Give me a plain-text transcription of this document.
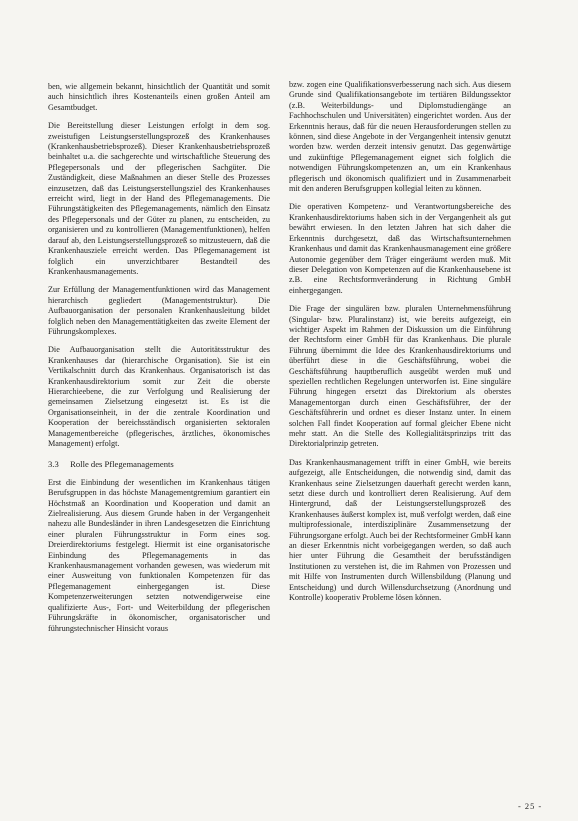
ben, wie allgemein bekannt, hinsichtlich der Quantität und somit auch hinsichtlich ihres Kostenanteils einen großen Anteil am Gesamtbudget.

Die Bereitstellung dieser Leistungen erfolgt in dem sog. zweistufigen Leistungserstellungsprozeß des Krankenhauses (Krankenhausbetriebsprozeß). Dieser Krankenhausbetriebsprozeß beinhaltet u.a. die sachgerechte und wirtschaftliche Steuerung des Pflegepersonals und der pflegerischen Sachgüter. Die Zuständigkeit, diese Maßnahmen an dieser Stelle des Prozesses einzusetzen, daß das Leistungserstellungsziel des Krankenhauses erreicht wird, liegt in der Hand des Pflegemanagements. Die Führungstätigkeiten des Pflegemanagements, nämlich den Einsatz des Pflegepersonals und der Güter zu planen, zu entscheiden, zu organisieren und zu kontrollieren (Managementfunktionen), helfen darauf ab, den Leistungserstellungsprozeß so mitzusteuern, daß die Krankenhausziele erreicht werden. Das Pflegemanagement ist folglich ein unverzichtbarer Bestandteil des Krankenhausmanagements.

Zur Erfüllung der Managementfunktionen wird das Management hierarchisch gegliedert (Managementstruktur). Die Aufbauorganisation der personalen Krankenhausleitung bildet folglich neben den Managementtätigkeiten das zweite Element der Führungskomplexes.

Die Aufbauorganisation stellt die Autoritätsstruktur des Krankenhauses dar (hierarchische Organisation). Sie ist ein Vertikalschnitt durch das Krankenhaus. Organisatorisch ist das Krankenhausdirektorium somit zur Zeit die oberste Hierarchieebene, die zur Verfolgung und Realisierung der gemeinsamen Zielsetzung eingesetzt ist. Es ist die Organisationseinheit, in der die zentrale Koordination und Kooperation der bereichsständisch organisierten sektoralen Managementbereiche (pflegerisches, ärztliches, ökonomisches Management) erfolgt.

3.3 Rolle des Pflegemanagements

Erst die Einbindung der wesentlichen im Krankenhaus tätigen Berufsgruppen in das höchste Managementgremium garantiert ein Höchstmaß an Koordination und Kooperation und damit an Zielrealisierung. Aus diesem Grunde haben in der Vergangenheit nahezu alle Bundesländer in ihren Landesgesetzen die Einrichtung einer pluralen Führungsstruktur in Form eines sog. Dreierdirektoriums festgelegt. Hiermit ist eine organisatorische Einbindung des Pflegemanagements in das Krankenhausmanagement vorhanden gewesen, was wiederum mit einer Ausweitung von funktionalen Kompetenzen für das Pflegemanagement einhergegangen ist. Diese Kompetenzerweiterungen setzten notwendigerweise eine qualifizierte Aus-, Fort- und Weiterbildung der pflegerischen Führungskräfte in ökonomischer, organisatorischer und führungstechnischer Hinsicht voraus

bzw. zogen eine Qualifikationsverbesserung nach sich. Aus diesem Grunde sind Qualifikationsangebote im tertiären Bildungssektor (z.B. Weiterbildungs- und Diplomstudiengänge an Fachhochschulen und Universitäten) eingerichtet worden. Aus der Erkenntnis heraus, daß für die neuen Herausforderungen stellen zu können, sind diese Angebote in der Vergangenheit intensiv genutzt worden bzw. werden derzeit intensiv genutzt. Das gegenwärtige und zukünftige Pflegemanagement eignet sich folglich die notwendigen Führungskompetenzen an, um ein Krankenhaus pflegerisch und ökonomisch qualifiziert und in Zusammenarbeit mit den anderen Berufsgruppen kollegial leiten zu können.

Die operativen Kompetenz- und Verantwortungsbereiche des Krankenhausdirektoriums haben sich in der Vergangenheit als gut bewährt erwiesen. In den letzten Jahren hat sich daher die Erkenntnis durchgesetzt, daß das Wirtschaftsunternehmen Krankenhaus und damit das Krankenhausmanagement eine größere Autonomie gegenüber dem Träger eingeräumt werden muß. Mit dieser Delegation von Kompetenzen auf die Krankenhausebene ist z.B. eine Rechtsformveränderung in Richtung GmbH einhergegangen.

Die Frage der singulären bzw. pluralen Unternehmensführung (Singular- bzw. Pluralinstanz) ist, wie bereits aufgezeigt, ein wichtiger Aspekt im Rahmen der Diskussion um die Einführung der Rechtsform einer GmbH für das Krankenhaus. Die plurale Führung übernimmt die Idee des Krankenhausdirektoriums und überführt diese in die Geschäftsführung, wobei die Geschäftsführung hauptberuflich ausgeübt werden muß und speziellen rechtlichen Regelungen unterworfen ist. Eine singuläre Führung hingegen ersetzt das Direktorium als oberstes Managementorgan durch einen Geschäftsführer, der der Geschäftsführerin und ordnet es dieser Instanz unter. In einem solchen Fall findet Kooperation auf formal gleicher Ebene nicht mehr statt. An die Stelle des Kollegialitätsprinzips tritt das Direktorialprinzip getreten.

Das Krankenhausmanagement trifft in einer GmbH, wie bereits aufgezeigt, alle Entscheidungen, die notwendig sind, damit das Krankenhaus seine Zielsetzungen dauerhaft gerecht werden kann, setzt diese durch und kontrolliert deren Realisierung. Auf dem Hintergrund, daß der Leistungserstellungsprozeß des Krankenhauses äußerst komplex ist, muß verfolgt werden, daß eine multiprofessionale, interdisziplinäre Zusammensetzung der Führungsorgane erfolgt. Auch bei der Rechtsformeiner GmbH kann an dieser Erkenntnis nicht vorbeigegangen werden, so daß auch hier unter Führung die Gesamtheit der berufsständigen Institutionen zu verstehen ist, die im Rahmen von Prozessen und mit Hilfe von Instrumenten durch Willensbildung (Planung und Entscheidung) und durch Willensdurchsetzung (Anordnung und Kontrolle) kooperativ Probleme lösen können.

- 25 -
